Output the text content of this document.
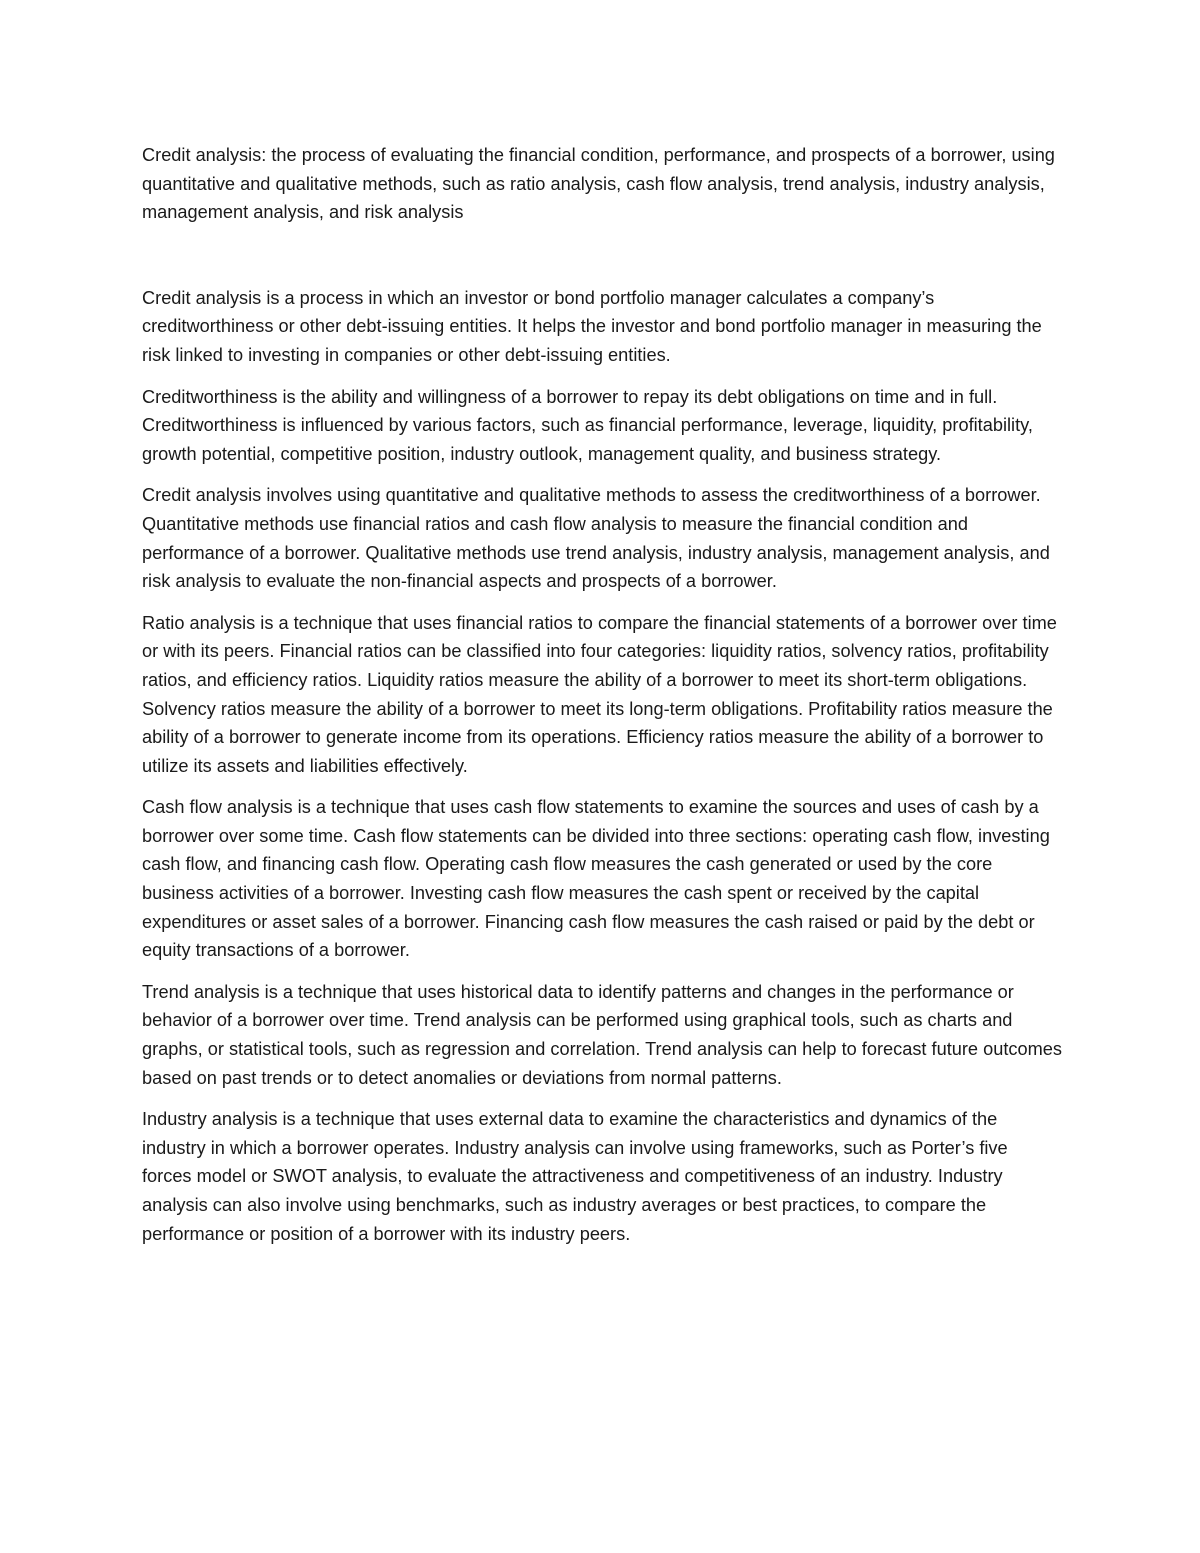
Credit analysis: the process of evaluating the financial condition, performance, and prospects of a borrower, using quantitative and qualitative methods, such as ratio analysis, cash flow analysis, trend analysis, industry analysis, management analysis, and risk analysis

Credit analysis is a process in which an investor or bond portfolio manager calculates a company’s creditworthiness or other debt-issuing entities. It helps the investor and bond portfolio manager in measuring the risk linked to investing in companies or other debt-issuing entities.

Creditworthiness is the ability and willingness of a borrower to repay its debt obligations on time and in full. Creditworthiness is influenced by various factors, such as financial performance, leverage, liquidity, profitability, growth potential, competitive position, industry outlook, management quality, and business strategy.

Credit analysis involves using quantitative and qualitative methods to assess the creditworthiness of a borrower. Quantitative methods use financial ratios and cash flow analysis to measure the financial condition and performance of a borrower. Qualitative methods use trend analysis, industry analysis, management analysis, and risk analysis to evaluate the non-financial aspects and prospects of a borrower.

Ratio analysis is a technique that uses financial ratios to compare the financial statements of a borrower over time or with its peers. Financial ratios can be classified into four categories: liquidity ratios, solvency ratios, profitability ratios, and efficiency ratios. Liquidity ratios measure the ability of a borrower to meet its short-term obligations. Solvency ratios measure the ability of a borrower to meet its long-term obligations. Profitability ratios measure the ability of a borrower to generate income from its operations. Efficiency ratios measure the ability of a borrower to utilize its assets and liabilities effectively.

Cash flow analysis is a technique that uses cash flow statements to examine the sources and uses of cash by a borrower over some time. Cash flow statements can be divided into three sections: operating cash flow, investing cash flow, and financing cash flow. Operating cash flow measures the cash generated or used by the core business activities of a borrower. Investing cash flow measures the cash spent or received by the capital expenditures or asset sales of a borrower. Financing cash flow measures the cash raised or paid by the debt or equity transactions of a borrower.

Trend analysis is a technique that uses historical data to identify patterns and changes in the performance or behavior of a borrower over time. Trend analysis can be performed using graphical tools, such as charts and graphs, or statistical tools, such as regression and correlation. Trend analysis can help to forecast future outcomes based on past trends or to detect anomalies or deviations from normal patterns.

Industry analysis is a technique that uses external data to examine the characteristics and dynamics of the industry in which a borrower operates. Industry analysis can involve using frameworks, such as Porter’s five forces model or SWOT analysis, to evaluate the attractiveness and competitiveness of an industry. Industry analysis can also involve using benchmarks, such as industry averages or best practices, to compare the performance or position of a borrower with its industry peers.
